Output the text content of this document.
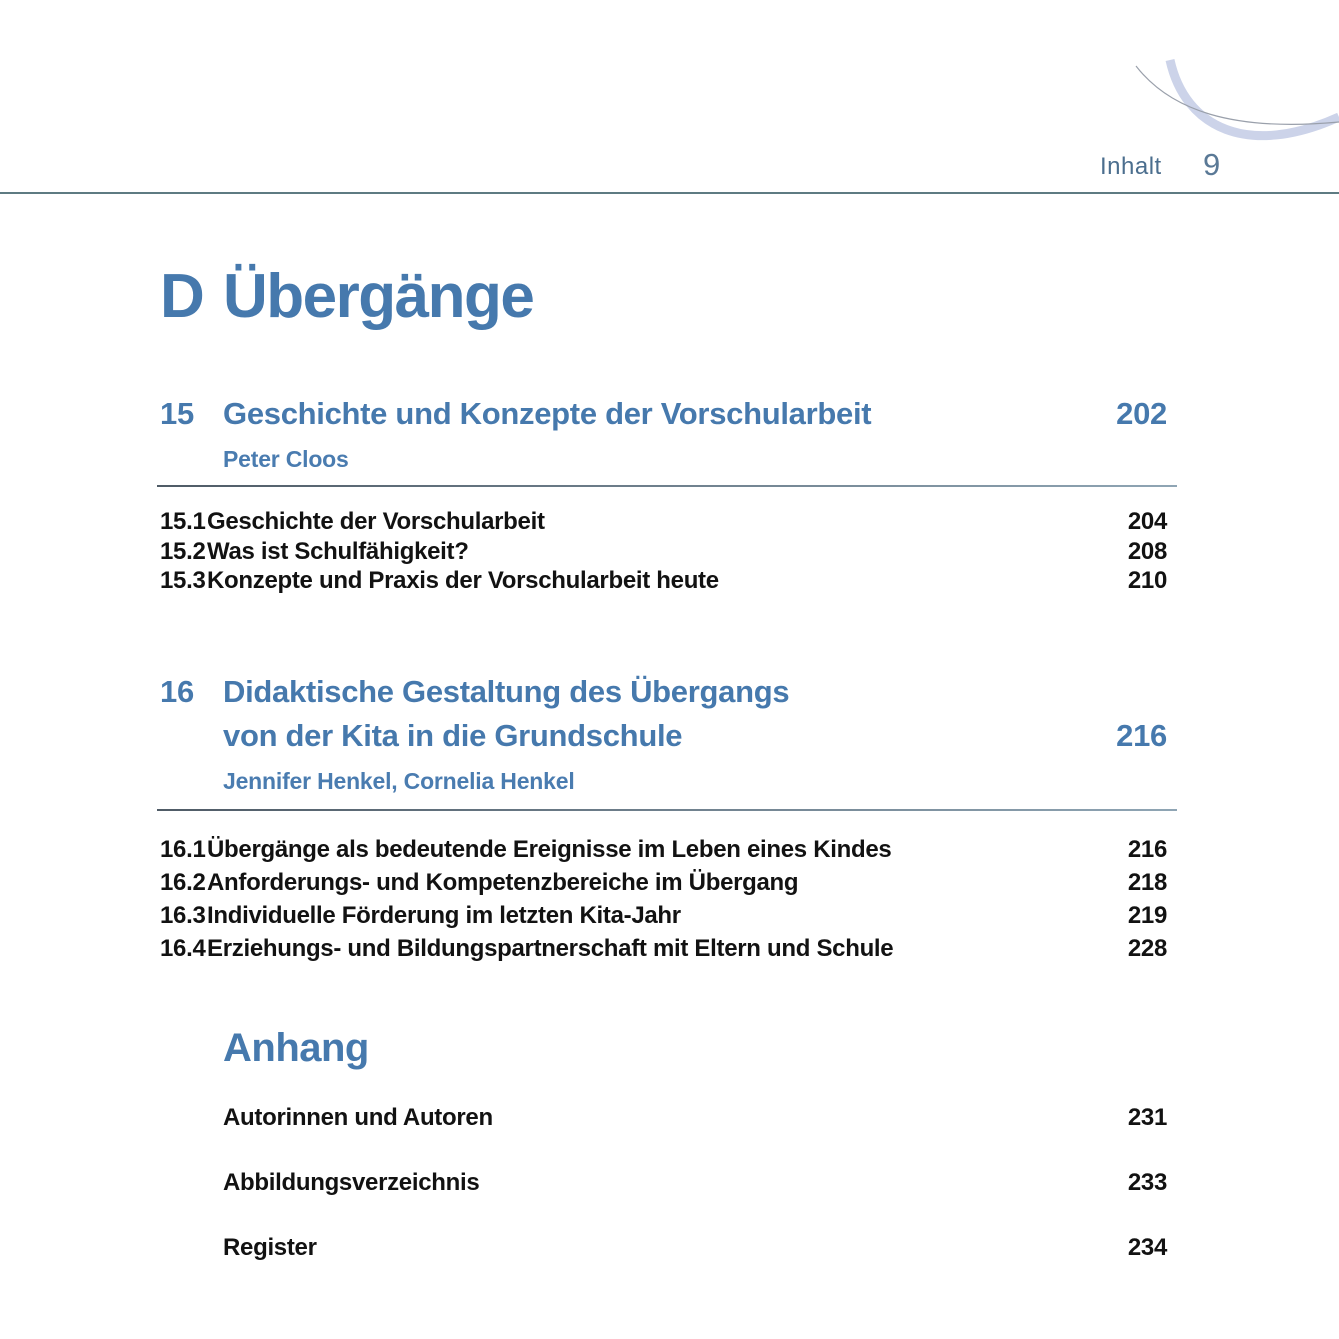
Inhalt 9
D Übergänge
15 Geschichte und Konzepte der Vorschularbeit	202
Peter Cloos
15.1 Geschichte der Vorschularbeit	204
15.2 Was ist Schulfähigkeit?	208
15.3 Konzepte und Praxis der Vorschularbeit heute	210
16 Didaktische Gestaltung des Übergangs
von der Kita in die Grundschule	216
Jennifer Henkel, Cornelia Henkel
16.1 Übergänge als bedeutende Ereignisse im Leben eines Kindes	216
16.2 Anforderungs- und Kompetenzbereiche im Übergang	218
16.3 Individuelle Förderung im letzten Kita-Jahr	219
16.4 Erziehungs- und Bildungspartnerschaft mit Eltern und Schule	228
Anhang
Autorinnen und Autoren	231
Abbildungsverzeichnis	233
Register	234
